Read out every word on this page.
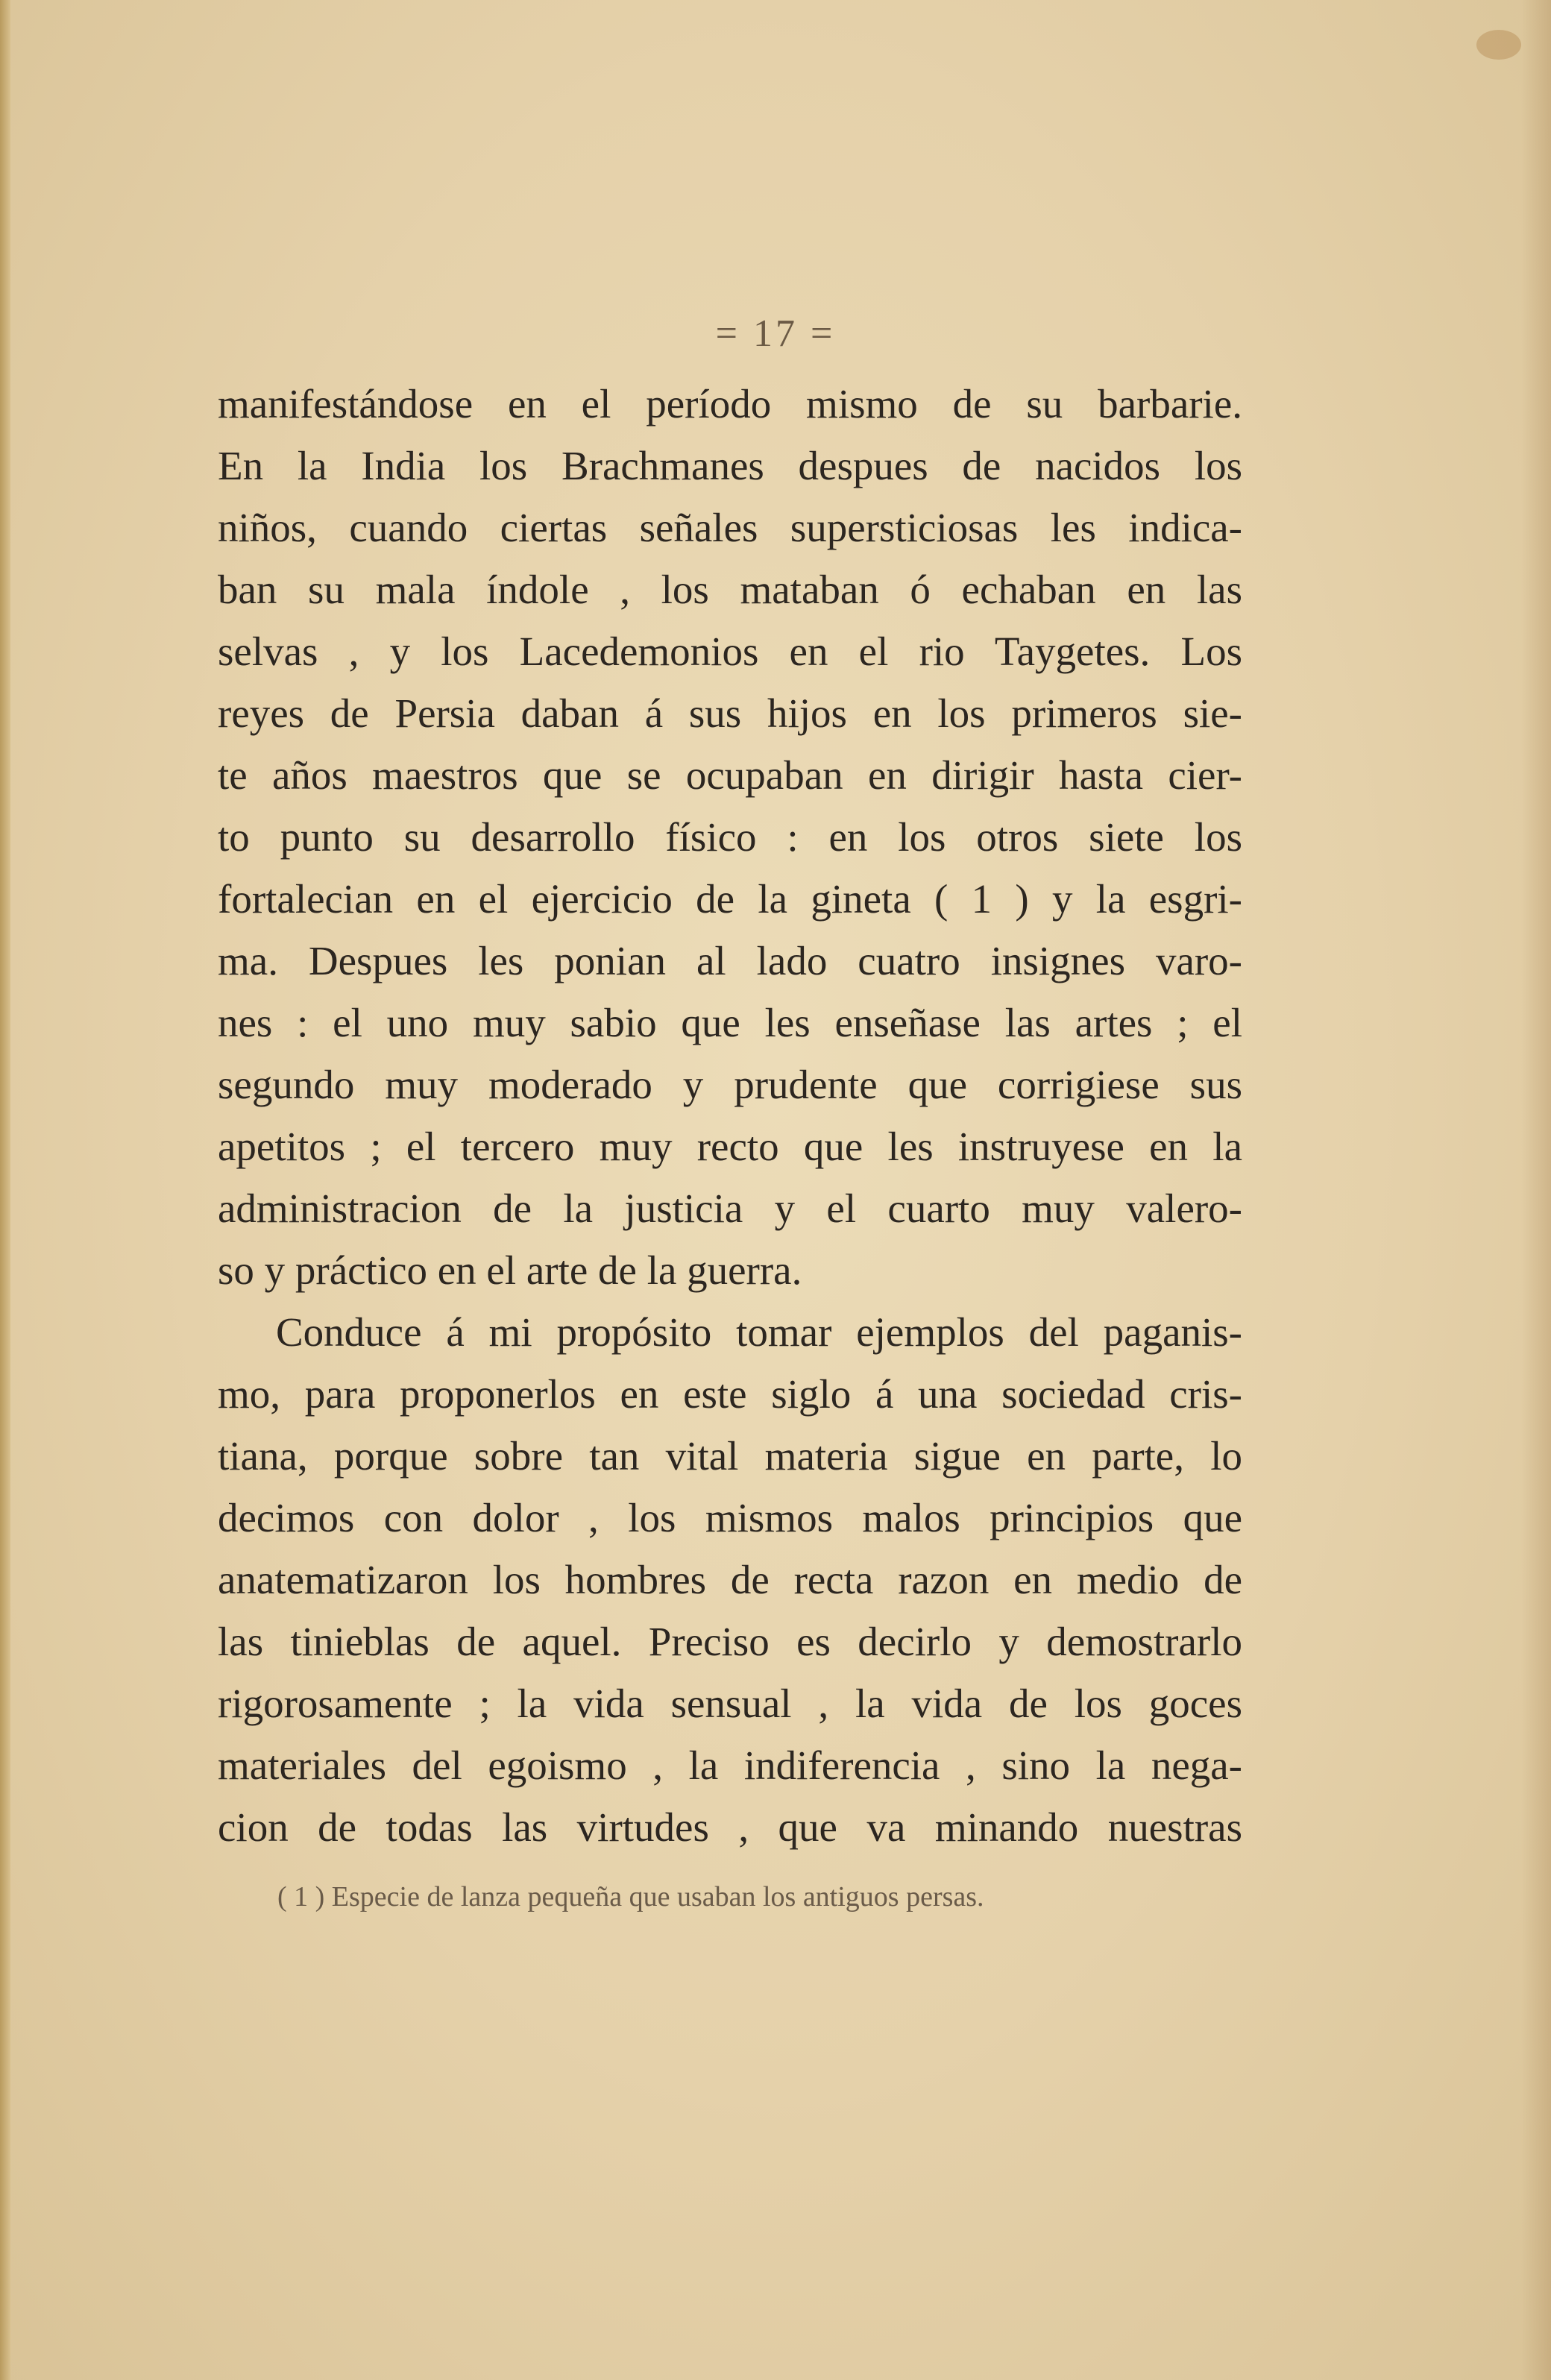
= 17 =
manifestándose en el período mismo de su barbarie.
En la India los Brachmanes despues de nacidos los
niños, cuando ciertas señales supersticiosas les indica-
ban su mala índole , los mataban ó echaban en las
selvas , y los Lacedemonios en el rio Taygetes. Los
reyes de Persia daban á sus hijos en los primeros sie-
te años maestros que se ocupaban en dirigir hasta cier-
to punto su desarrollo físico : en los otros siete los
fortalecian en el ejercicio de la gineta ( 1 ) y la esgri-
ma. Despues les ponian al lado cuatro insignes varo-
nes : el uno muy sabio que les enseñase las artes ; el
segundo muy moderado y prudente que corrigiese sus
apetitos ; el tercero muy recto que les instruyese en la
administracion de la justicia y el cuarto muy valero-
so y práctico en el arte de la guerra.
Conduce á mi propósito tomar ejemplos del paganis-
mo, para proponerlos en este siglo á una sociedad cris-
tiana, porque sobre tan vital materia sigue en parte, lo
decimos con dolor , los mismos malos principios que
anatematizaron los hombres de recta razon en medio de
las tinieblas de aquel. Preciso es decirlo y demostrarlo
rigorosamente ; la vida sensual , la vida de los goces
materiales del egoismo , la indiferencia , sino la nega-
cion de todas las virtudes , que va minando nuestras
( 1 ) Especie de lanza pequeña que usaban los antiguos persas.
